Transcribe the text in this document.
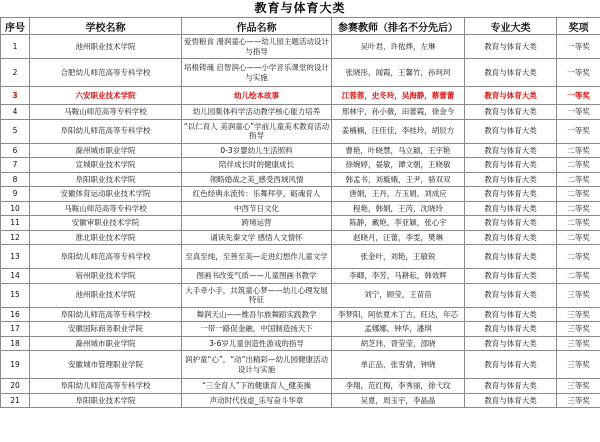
教育与体育大类
序号	学校名称	作品名称	参赛教师（排名不分先后）	专业大类	奖项
1	池州职业技术学院	爱悟粮食 漫润童心——幼儿园主题活动设计与指导	吴叶君，许侬烨，左琳	教育与体育大类	一等奖
2	合肥幼儿师范高等专科学校	培根铸魂 启智润心——小学音乐课堂的设计与实施	张晓彤，闻霞，王馨竹，孙珂珂	教育与体育大类	一等奖
3	六安职业技术学院	幼儿绘本故事	江蓉蓉，史冬玲，吴海静，蔡蕾蕾	教育与体育大类	一等奖
4	马鞍山师范高等专科学校	幼儿园集体科学活动教学核心能力培养	邢林宇，孙小薇，田蕾霞，徐金今	教育与体育大类	一等奖
5	阜阳幼儿师范高等专科学校	“以仁育人 美润童心”学前儿童美术教育活动指导	姜楠楠，汪佳佳，李桂玲，胡辰方	教育与体育大类	一等奖
6	滁州城市职业学院	0-3岁婴幼儿生活照料	曹艳，叶晓慧，马立颖，王宇艳	教育与体育大类	二等奖
7	宣城职业技术学院	陪伴成长时的健康成长	徐婉婷，晏敏，谭文朝，王晓敏	教育与体育大类	二等奖
8	阜阳职业技术学院	领略婚战之美_感受西域风情	韩孟书，刘璇娥，王尹，骆双双	教育与体育大类	二等奖
9	安徽体育运动职业技术学院	红色经典永流传：乐舞拜亭，砺魂育人	唐娟，王丹，万玉娟，刘成应	教育与体育大类	二等奖
10	马鞍山师范高等专科学校	中西节日文化	程艳，韩娟，王芮，沈晓玲	教育与体育大类	二等奖
11	安徽审职业技术学院	跨境运营	陈静，戴艳，李亚颖，张心宇	教育与体育大类	二等奖
12	淮北职业技术学院	诵读先秦文学 感悟人文情怀	赵晓月，汪蕾，李雯，樊琳	教育与体育大类	二等奖
13	阜阳幼儿师范高等专科学校	至真至纯，至善至美—走进幻想作儿童文学	张金叶，刘艳，王敏锐	教育与体育大类	二等奖
14	宿州职业技术学院	图画书改变气质——儿童图画书教学	李卿，李芳，马耕耘，韩效辉	教育与体育大类	二等奖
15	池州职业技术学院	大手牵小手，共筑童心梦——幼儿心理发展特征	刘宁，顾莹，王苗苗	教育与体育大类	三等奖
16	阜阳幼儿师范高等专科学校	舞润天山——维吾尔族舞蹈实践教学	李梦阳，阿依夏木丁古，旺达，年芯	教育与体育大类	三等奖
17	安徽国际商务职业学院	一带一路促金融，中国制造扬天下	孟娜娜，钟华，潘琪	教育与体育大类	三等奖
18	滁州城市职业学院	3-6岁儿童创造性游戏的指导	胡芝玮，胥莹莹，邵晓	教育与体育大类	三等奖
19	安徽城市管理职业学院	润护童“心”，“动”出精彩—幼儿园健康活动设计与实施	单正品，张雪倩，钟晓	教育与体育大类	三等奖
20	阜阳幼儿师范高等专科学校	“三全育人”下的健康育人_健美操	李翔，范红梅，李秀丽，徐弋玟	教育与体育大类	三等奖
21	阜阳职业技术学院	声动时代伐虚_乐写奋斗华章	吴夏，周玉宇，李晶晶	教育与体育大类	三等奖
